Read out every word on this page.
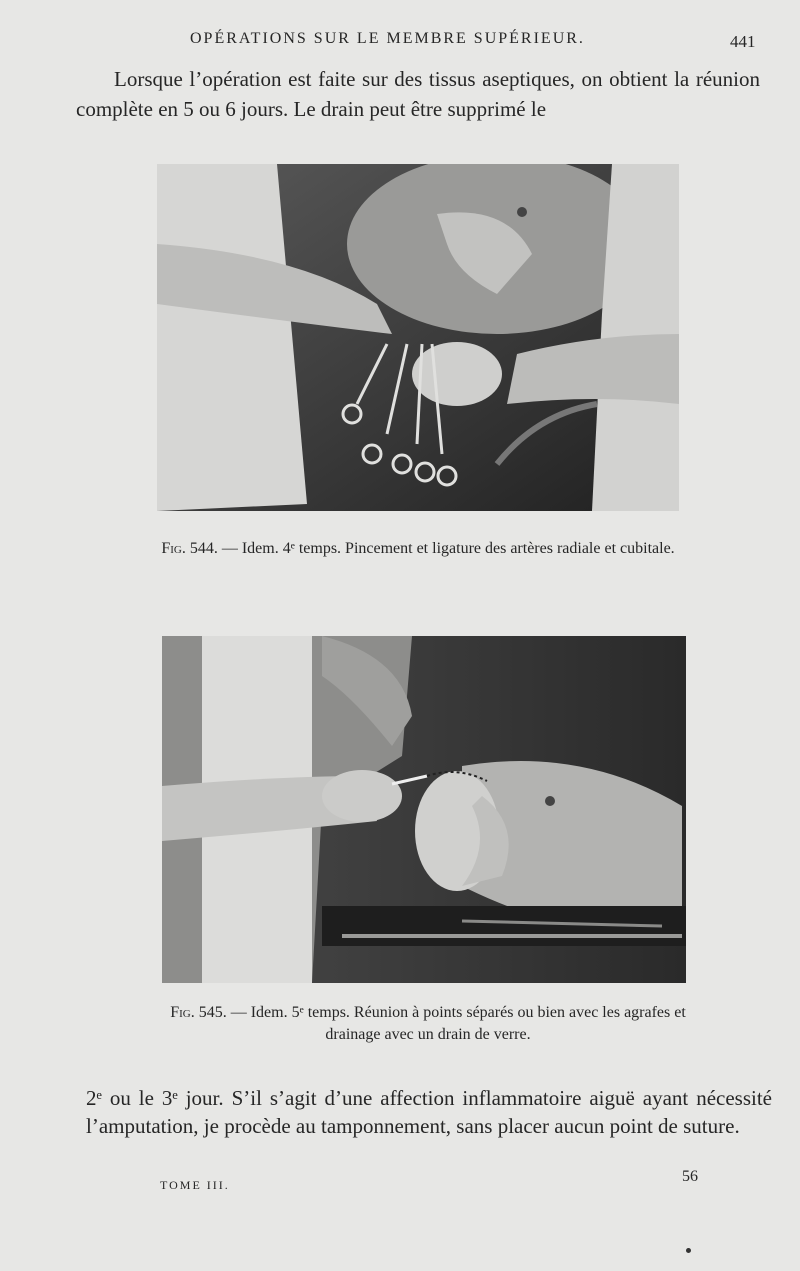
OPÉRATIONS SUR LE MEMBRE SUPÉRIEUR.	441

Lorsque l’opération est faite sur des tissus aseptiques, on obtient la réunion complète en 5 ou 6 jours. Le drain peut être supprimé le

Fig. 544. — Idem. 4ᵉ temps. Pincement et ligature des artères radiale et cubitale.
Fig. 545. — Idem. 5ᵉ temps. Réunion à points séparés ou bien avec les agrafes et drainage avec un drain de verre.

2ᵉ ou le 3ᵉ jour. S’il s’agit d’une affection inflammatoire aiguë ayant nécessité l’amputation, je procède au tamponnement, sans placer aucun point de suture.

TOME III.	56
